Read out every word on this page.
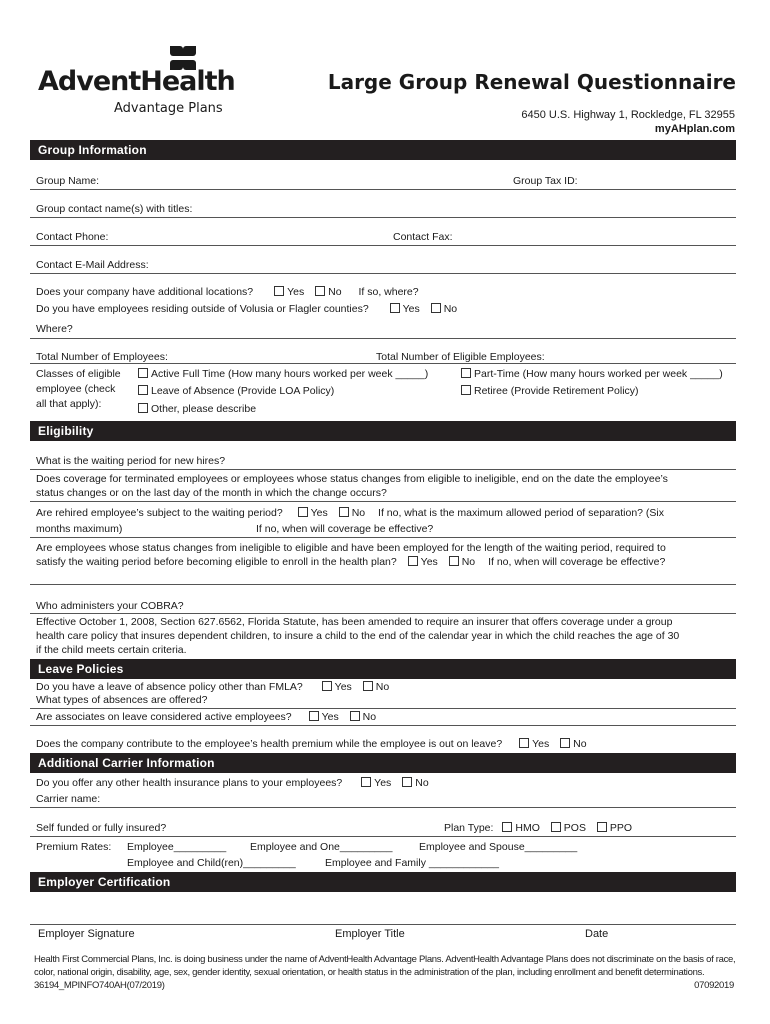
AdventHealth
Advantage Plans
Large Group Renewal Questionnaire
6450 U.S. Highway 1, Rockledge, FL 32955
myAHplan.com
Group Information
Group Name:	Group Tax ID:
Group contact name(s) with titles:
Contact Phone:	Contact Fax:
Contact E-Mail Address:
Does your company have additional locations?	Yes No If so, where?
Do you have employees residing outside of Volusia or Flagler counties?	Yes No
Where?
Total Number of Employees:	Total Number of Eligible Employees:
Classes of eligible
employee (check
all that apply):
Active Full Time (How many hours worked per week _____)	Part-Time (How many hours worked per week _____)
Leave of Absence (Provide LOA Policy)	Retiree (Provide Retirement Policy)
Other, please describe
Eligibility
What is the waiting period for new hires?
Does coverage for terminated employees or employees whose status changes from eligible to ineligible, end on the date the employee’s
status changes or on the last day of the month in which the change occurs?
Are rehired employee’s subject to the waiting period?	Yes No If no, what is the maximum allowed period of separation? (Six
months maximum)	If no, when will coverage be effective?
Are employees whose status changes from ineligible to eligible and have been employed for the length of the waiting period, required to
satisfy the waiting period before becoming eligible to enroll in the health plan? Yes No If no, when will coverage be effective?
Who administers your COBRA?
Effective October 1, 2008, Section 627.6562, Florida Statute, has been amended to require an insurer that offers coverage under a group
health care policy that insures dependent children, to insure a child to the end of the calendar year in which the child reaches the age of 30
if the child meets certain criteria.
Leave Policies
Do you have a leave of absence policy other than FMLA?	Yes No
What types of absences are offered?
Are associates on leave considered active employees?	Yes No
Does the company contribute to the employee’s health premium while the employee is out on leave?	Yes No
Additional Carrier Information
Do you offer any other health insurance plans to your employees?	Yes No
Carrier name:
Self funded or fully insured?	Plan Type: HMO POS PPO
Premium Rates: Employee_________ Employee and One_________	Employee and Spouse_________
Employee and Child(ren)_________	Employee and Family ____________
Employer Certification
Employer Signature	Employer Title	Date
Health First Commercial Plans, Inc. is doing business under the name of AdventHealth Advantage Plans. AdventHealth Advantage Plans does not discriminate on the basis of race,
color, national origin, disability, age, sex, gender identity, sexual orientation, or health status in the administration of the plan, including enrollment and benefit determinations.
36194_MPINFO740AH(07/2019)	07092019
